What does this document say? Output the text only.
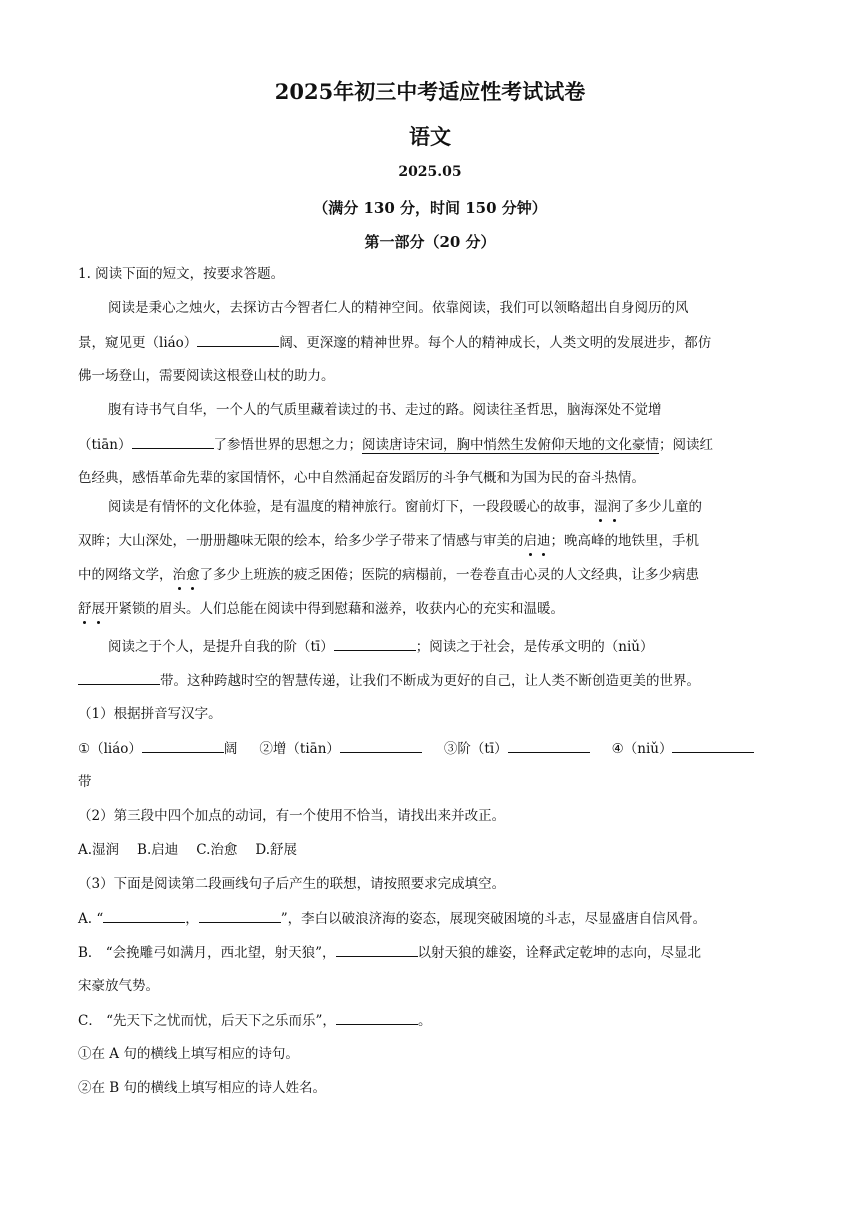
2025年初三中考适应性考试试卷
语文
2025.05
（满分 130 分，时间 150 分钟）
第一部分（20 分）
1. 阅读下面的短文，按要求答题。
阅读是秉心之烛火，去探访古今智者仁人的精神空间。依靠阅读，我们可以领略超出自身阅历的风
景，窥见更（liáo）	阔、更深邃的精神世界。每个人的精神成长，人类文明的发展进步，都仿
佛一场登山，需要阅读这根登山杖的助力。
腹有诗书气自华，一个人的气质里藏着读过的书、走过的路。阅读往圣哲思，脑海深处不觉增
（tiān）	了参悟世界的思想之力；阅读唐诗宋词，胸中悄然生发俯仰天地的文化豪情；阅读红
色经典，感悟革命先辈的家国情怀，心中自然涌起奋发蹈厉的斗争气概和为国为民的奋斗热情。
阅读是有情怀的文化体验，是有温度的精神旅行。窗前灯下，一段段暖心的故事，湿润了多少儿童的
双眸；大山深处，一册册趣味无限的绘本，给多少学子带来了情感与审美的启迪；晚高峰的地铁里，手机
中的网络文学，治愈了多少上班族的疲乏困倦；医院的病榻前，一卷卷直击心灵的人文经典，让多少病患
舒展开紧锁的眉头。人们总能在阅读中得到慰藉和滋养，收获内心的充实和温暖。
阅读之于个人，是提升自我的阶（tī）	；阅读之于社会，是传承文明的（niǔ）
带。这种跨越时空的智慧传递，让我们不断成为更好的自己，让人类不断创造更美的世界。
（1）根据拼音写汉字。
①（liáo）	阔 ②增（tiān）	③阶（tī）	④（niǔ）
带
（2）第三段中四个加点的动词，有一个使用不恰当，请找出来并改正。
A.湿润 B.启迪 C.治愈 D.舒展
（3）下面是阅读第二段画线句子后产生的联想，请按照要求完成填空。
A. “	，	”，李白以破浪济海的姿态，展现突破困境的斗志，尽显盛唐自信风骨。
B． “会挽雕弓如满月，西北望，射天狼”，	以射天狼的雄姿，诠释武定乾坤的志向，尽显北
宋豪放气势。
C． “先天下之忧而忧，后天下之乐而乐”，	。
①在 A 句的横线上填写相应的诗句。
②在 B 句的横线上填写相应的诗人姓名。
